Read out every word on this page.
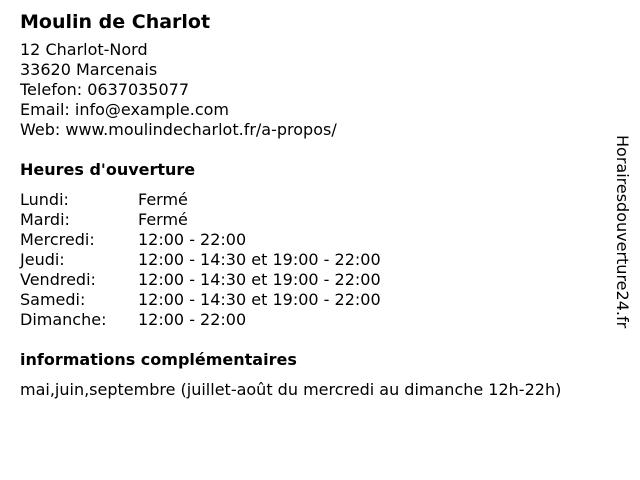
Moulin de Charlot
12 Charlot-Nord
33620 Marcenais
Telefon: 0637035077
Email: info@example.com
Web: www.moulindecharlot.fr/a-propos/
Heures d'ouverture
Lundi:	Fermé
Mardi:	Fermé
Mercredi:	12:00 - 22:00
Jeudi:	12:00 - 14:30 et 19:00 - 22:00
Vendredi:	12:00 - 14:30 et 19:00 - 22:00
Samedi:	12:00 - 14:30 et 19:00 - 22:00
Dimanche:	12:00 - 22:00
informations complémentaires
mai,juin,septembre (juillet-août du mercredi au dimanche 12h-22h)
Horairesdouverture24.fr
